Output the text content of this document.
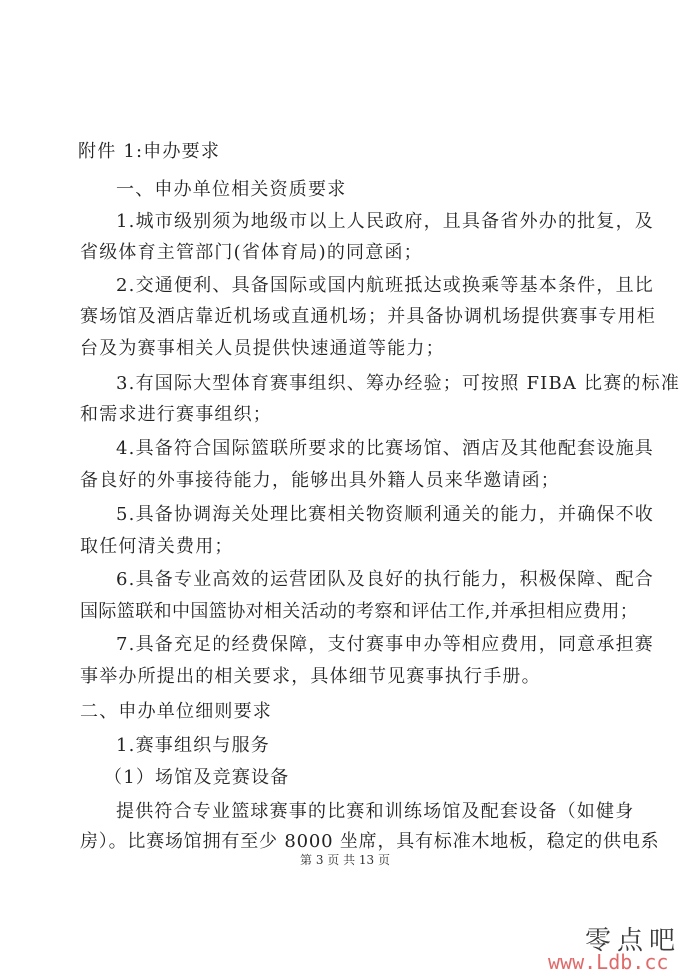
附件 1:申办要求
一、申办单位相关资质要求
1.城市级别须为地级市以上人民政府，且具备省外办的批复，及
省级体育主管部门(省体育局)的同意函；
2.交通便利、具备国际或国内航班抵达或换乘等基本条件，且比
赛场馆及酒店靠近机场或直通机场；并具备协调机场提供赛事专用柜
台及为赛事相关人员提供快速通道等能力；
3.有国际大型体育赛事组织、筹办经验；可按照 FIBA 比赛的标准
和需求进行赛事组织；
4.具备符合国际篮联所要求的比赛场馆、酒店及其他配套设施具
备良好的外事接待能力，能够出具外籍人员来华邀请函；
5.具备协调海关处理比赛相关物资顺利通关的能力，并确保不收
取任何清关费用；
6.具备专业高效的运营团队及良好的执行能力，积极保障、配合
国际篮联和中国篮协对相关活动的考察和评估工作,并承担相应费用；
7.具备充足的经费保障，支付赛事申办等相应费用，同意承担赛
事举办所提出的相关要求，具体细节见赛事执行手册。
二、申办单位细则要求
1.赛事组织与服务
（1）场馆及竞赛设备
提供符合专业篮球赛事的比赛和训练场馆及配套设备（如健身
房）。比赛场馆拥有至少 8000 坐席，具有标准木地板，稳定的供电系
第 3 页 共 13 页
零点吧
www.Ldb.cc
